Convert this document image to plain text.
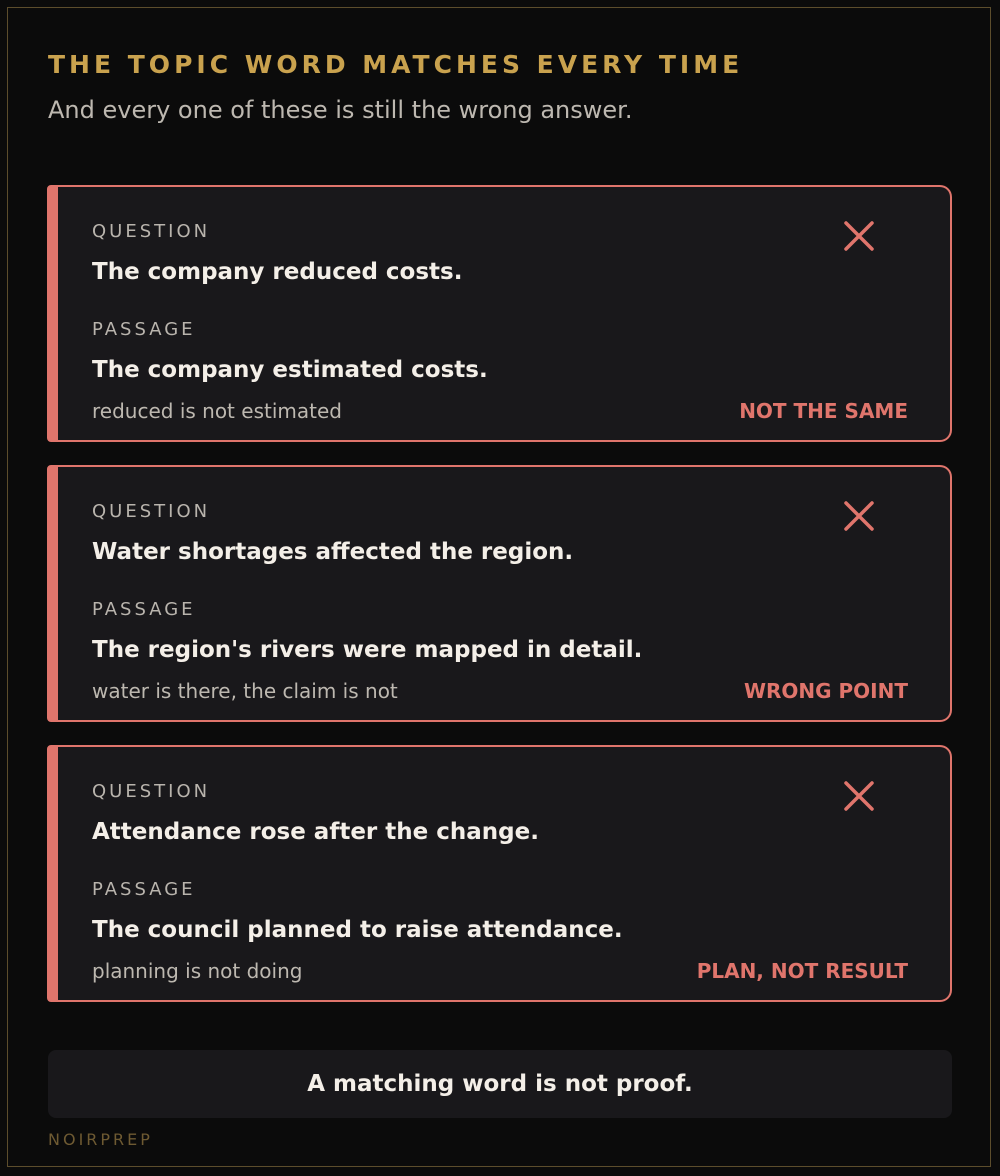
THE TOPIC WORD MATCHES EVERY TIME
And every one of these is still the wrong answer.
QUESTION
The company reduced costs.
PASSAGE
The company estimated costs.
reduced is not estimated	NOT THE SAME
QUESTION
Water shortages affected the region.
PASSAGE
The region's rivers were mapped in detail.
water is there, the claim is not	WRONG POINT
QUESTION
Attendance rose after the change.
PASSAGE
The council planned to raise attendance.
planning is not doing	PLAN, NOT RESULT
A matching word is not proof.
NOIRPREP
